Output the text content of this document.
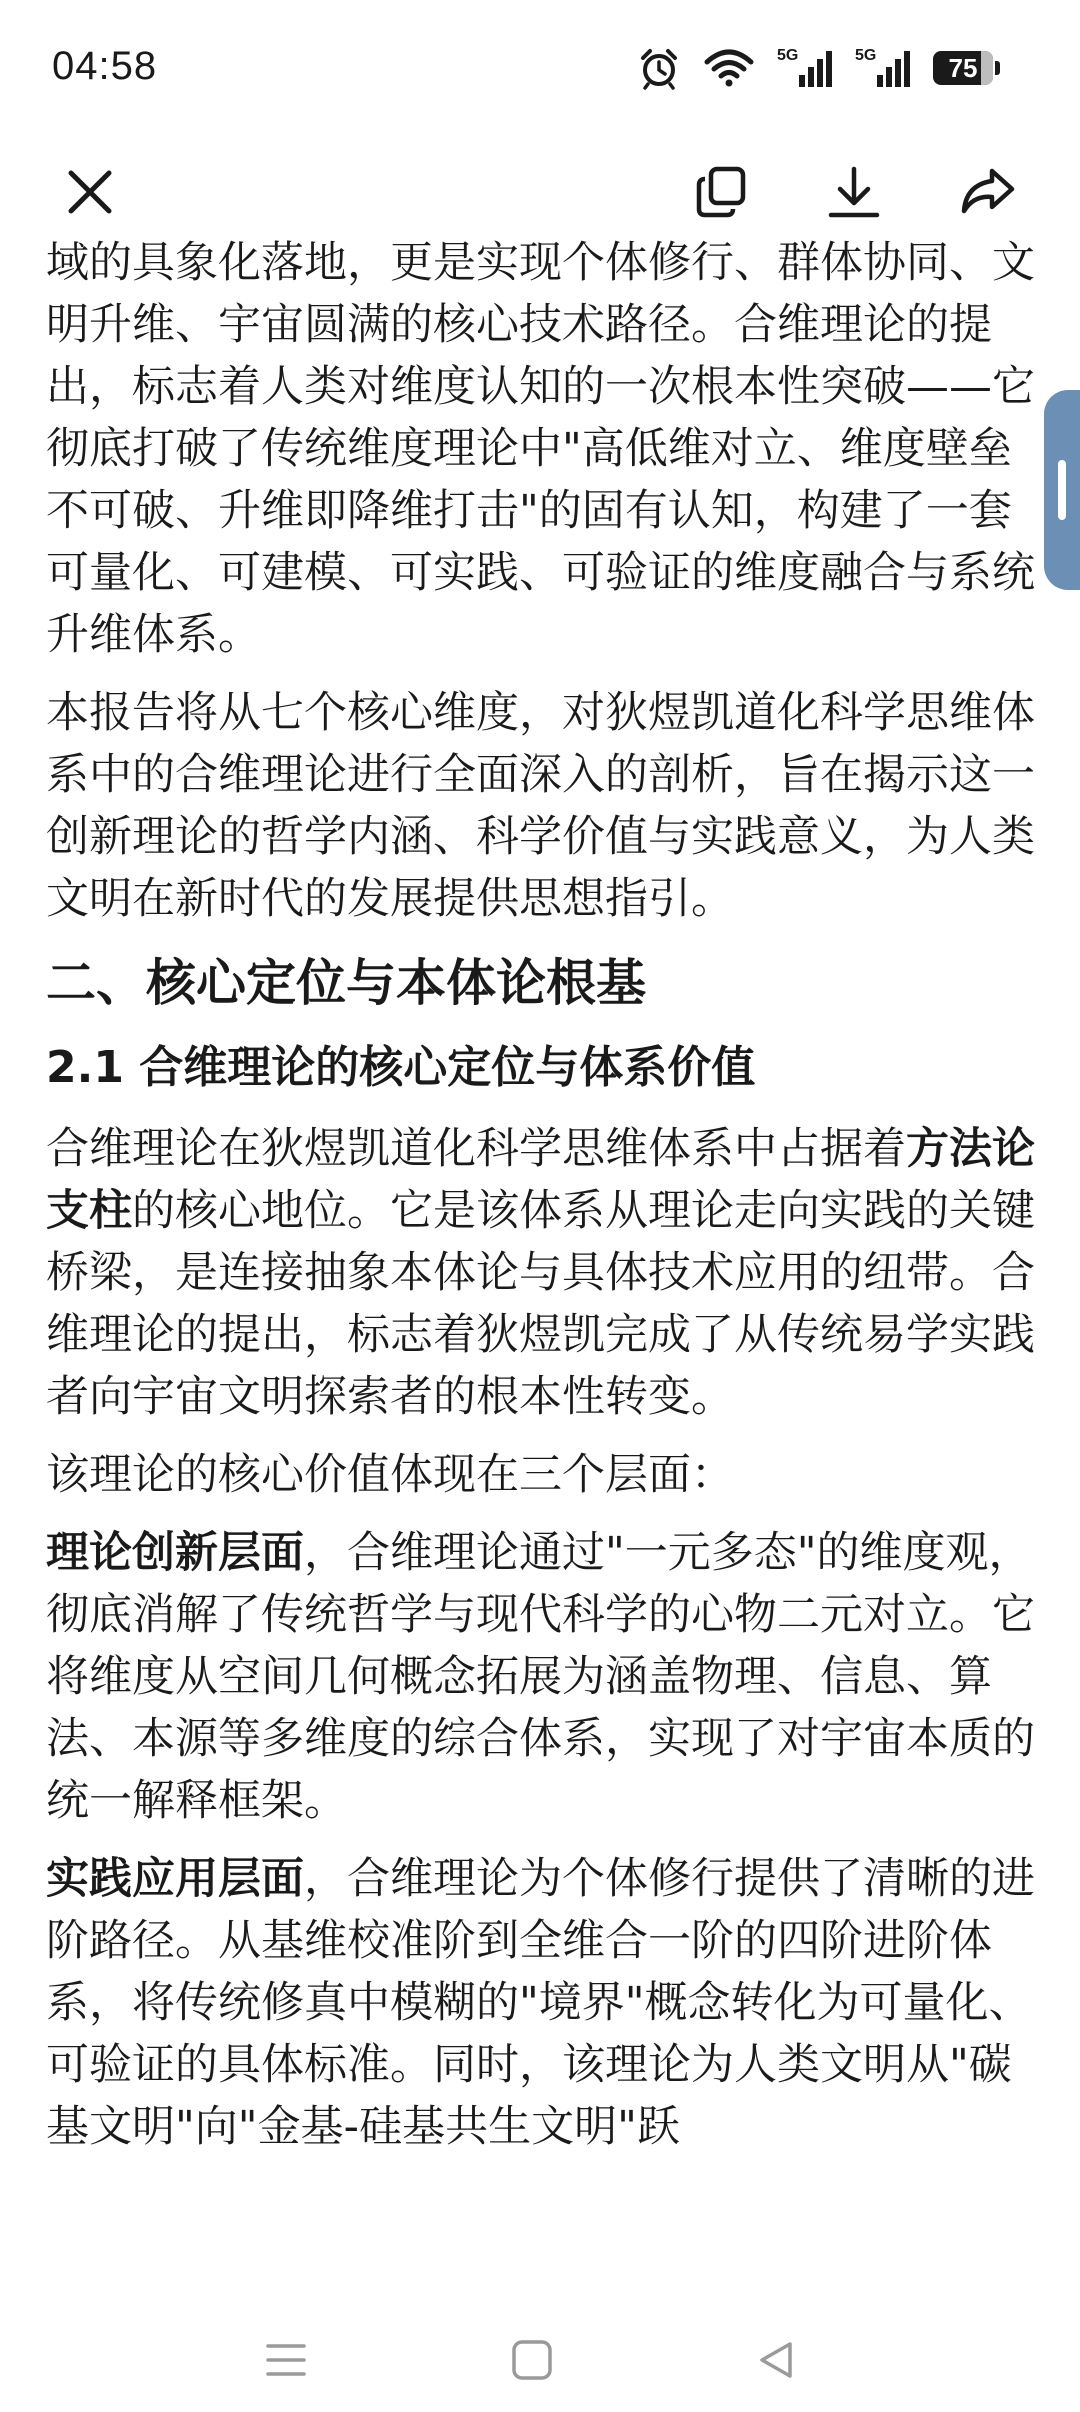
04:58	5G	5G	75

域的具象化落地，更是实现个体修行、群体协同、文明升维、宇宙圆满的核心技术路径。合维理论的提出，标志着人类对维度认知的一次根本性突破——它彻底打破了传统维度理论中"高低维对立、维度壁垒不可破、升维即降维打击"的固有认知，构建了一套可量化、可建模、可实践、可验证的维度融合与系统升维体系。

本报告将从七个核心维度，对狄煜凯道化科学思维体系中的合维理论进行全面深入的剖析，旨在揭示这一创新理论的哲学内涵、科学价值与实践意义，为人类文明在新时代的发展提供思想指引。

二、核心定位与本体论根基
2.1 合维理论的核心定位与体系价值

合维理论在狄煜凯道化科学思维体系中占据着方法论支柱的核心地位。它是该体系从理论走向实践的关键桥梁，是连接抽象本体论与具体技术应用的纽带。合维理论的提出，标志着狄煜凯完成了从传统易学实践者向宇宙文明探索者的根本性转变。

该理论的核心价值体现在三个层面：

理论创新层面，合维理论通过"一元多态"的维度观，彻底消解了传统哲学与现代科学的心物二元对立。它将维度从空间几何概念拓展为涵盖物理、信息、算法、本源等多维度的综合体系，实现了对宇宙本质的统一解释框架。

实践应用层面，合维理论为个体修行提供了清晰的进阶路径。从基维校准阶到全维合一阶的四阶进阶体系，将传统修真中模糊的"境界"概念转化为可量化、可验证的具体标准。同时，该理论为人类文明从"碳基文明"向"金基-硅基共生文明"跃
